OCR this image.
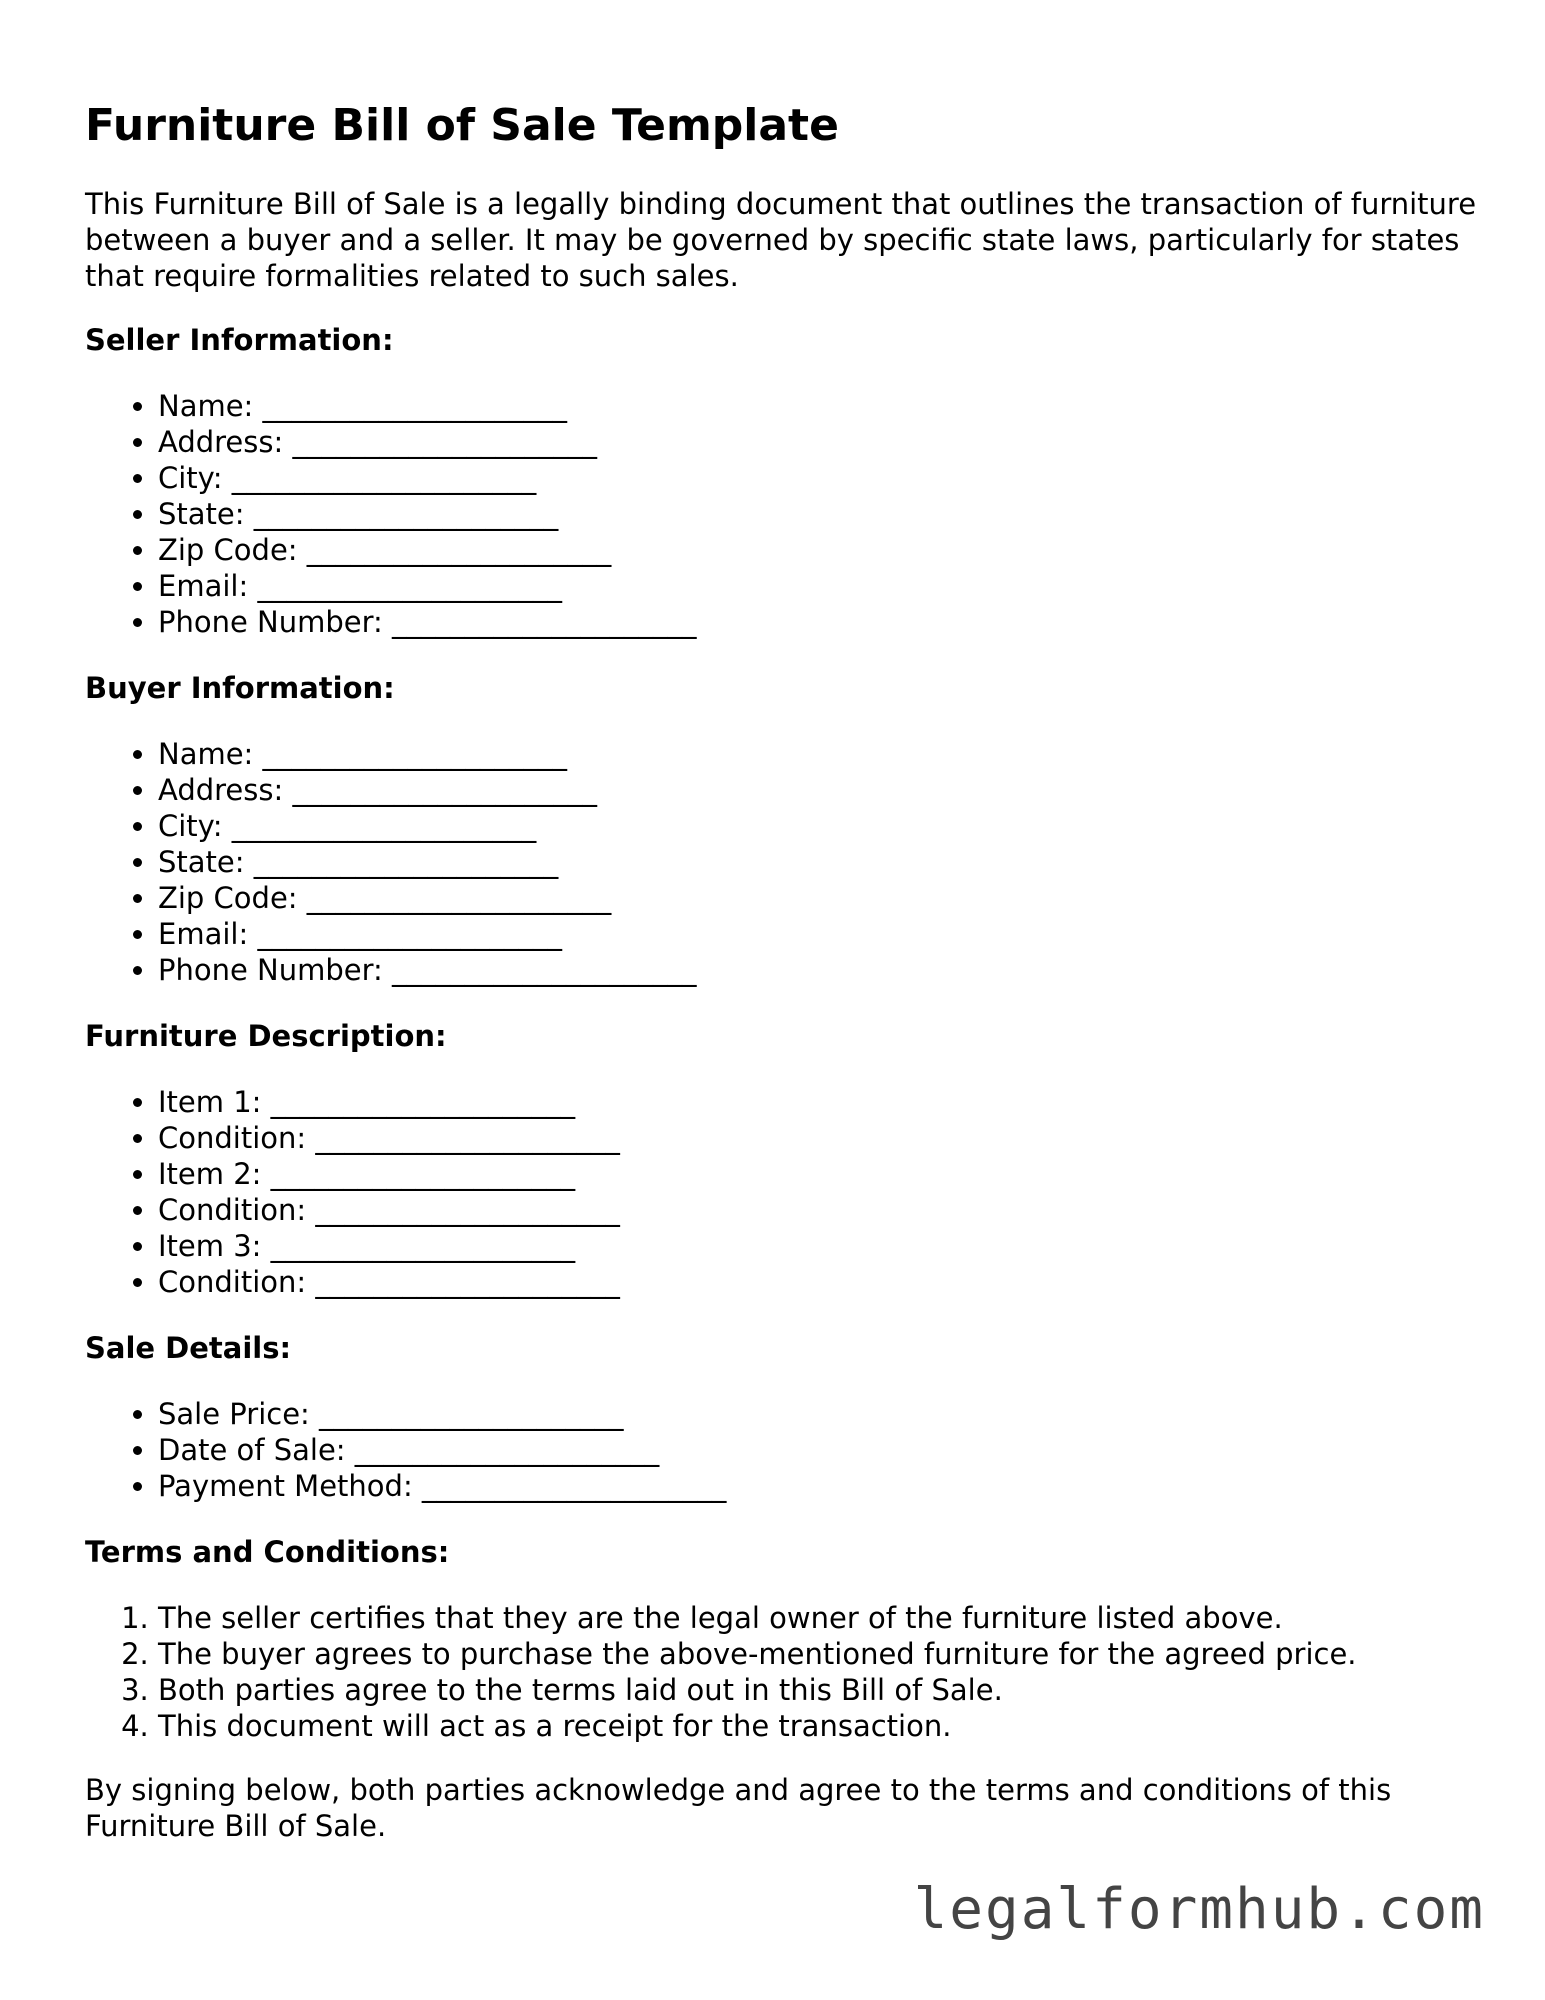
Furniture Bill of Sale Template

This Furniture Bill of Sale is a legally binding document that outlines the transaction of furniture between a buyer and a seller. It may be governed by specific state laws, particularly for states that require formalities related to such sales.

Seller Information:
• Name: _____________________
• Address: _____________________
• City: _____________________
• State: _____________________
• Zip Code: _____________________
• Email: _____________________
• Phone Number: _____________________
Buyer Information:
• Name: _____________________
• Address: _____________________
• City: _____________________
• State: _____________________
• Zip Code: _____________________
• Email: _____________________
• Phone Number: _____________________
Furniture Description:
• Item 1: _____________________
• Condition: _____________________
• Item 2: _____________________
• Condition: _____________________
• Item 3: _____________________
• Condition: _____________________
Sale Details:
• Sale Price: _____________________
• Date of Sale: _____________________
• Payment Method: _____________________
Terms and Conditions:
1. The seller certifies that they are the legal owner of the furniture listed above.
2. The buyer agrees to purchase the above-mentioned furniture for the agreed price.
3. Both parties agree to the terms laid out in this Bill of Sale.
4. This document will act as a receipt for the transaction.

By signing below, both parties acknowledge and agree to the terms and conditions of this Furniture Bill of Sale.

legalformhub.com
